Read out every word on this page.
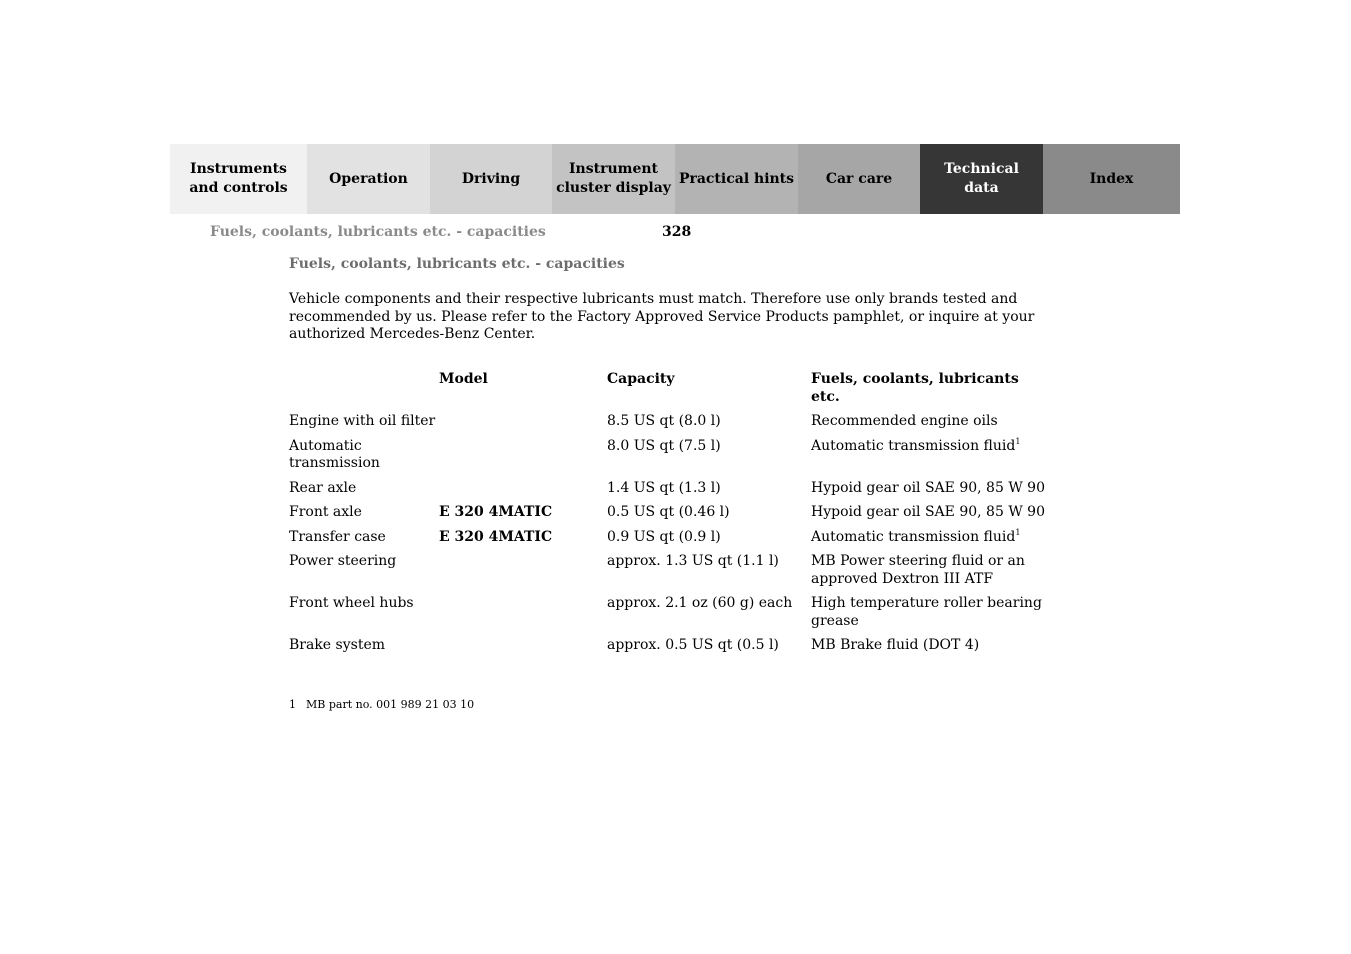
Instruments
and controls
Operation	Driving
Instrument
cluster display
Practical hints Car care
Technical
data
Index
Fuels, coolants, lubricants etc. - capacities	328
Fuels, coolants, lubricants etc. - capacities
Vehicle components and their respective lubricants must match. Therefore use only brands tested and recommended by us. Please refer to the Factory Approved Service Products pamphlet, or inquire at your authorized Mercedes-Benz Center.
	Model	Capacity	Fuels, coolants, lubricants etc.
Engine with oil filter		8.5 US qt (8.0 l)	Recommended engine oils
Automatic
transmission		8.0 US qt (7.5 l)	Automatic transmission fluid$^1$
Rear axle		1.4 US qt (1.3 l)	Hypoid gear oil SAE 90, 85 W 90
Front axle	E 320 4MATIC	0.5 US qt (0.46 l)	Hypoid gear oil SAE 90, 85 W 90
Transfer case	E 320 4MATIC	0.9 US qt (0.9 l)	Automatic transmission fluid$^1$
Power steering		approx. 1.3 US qt (1.1 l)	MB Power steering fluid or an
approved Dextron III ATF
Front wheel hubs		approx. 2.1 oz (60 g) each	High temperature roller bearing
grease
Brake system		approx. 0.5 US qt (0.5 l)	MB Brake fluid (DOT 4)
1 MB part no. 001 989 21 03 10
